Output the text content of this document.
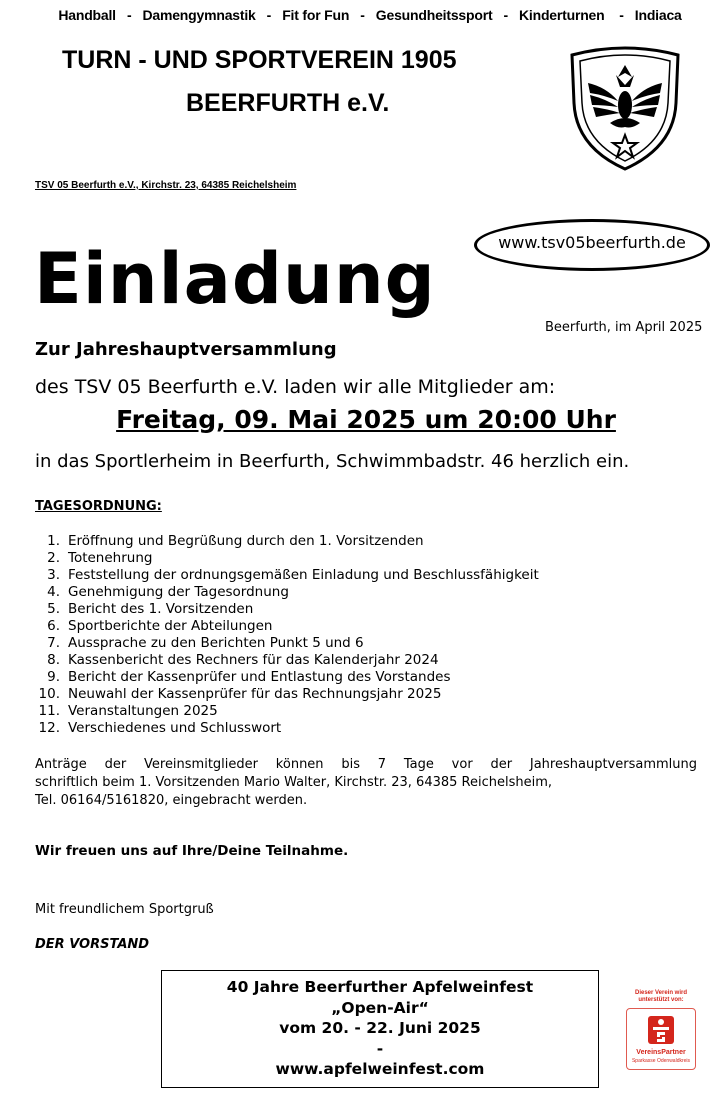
Handball   -   Damengymnastik   -   Fit for Fun   -   Gesundheitssport   -   Kinderturnen    -   Indiaca
TURN - UND SPORTVEREIN 1905
BEERFURTH e.V.
TSV 05 Beerfurth e.V., Kirchstr. 23, 64385 Reichelsheim
www.tsv05beerfurth.de
Einladung
Beerfurth, im April 2025
Zur Jahreshauptversammlung
des TSV 05 Beerfurth e.V. laden wir alle Mitglieder am:
Freitag, 09. Mai 2025 um 20:00 Uhr
in das Sportlerheim in Beerfurth, Schwimmbadstr. 46 herzlich ein.
TAGESORDNUNG:
1. Eröffnung und Begrüßung durch den 1. Vorsitzenden
2. Totenehrung
3. Feststellung der ordnungsgemäßen Einladung und Beschlussfähigkeit
4. Genehmigung der Tagesordnung
5. Bericht des 1. Vorsitzenden
6. Sportberichte der Abteilungen
7. Aussprache zu den Berichten Punkt 5 und 6
8. Kassenbericht des Rechners für das Kalenderjahr 2024
9. Bericht der Kassenprüfer und Entlastung des Vorstandes
10. Neuwahl der Kassenprüfer für das Rechnungsjahr 2025
11. Veranstaltungen 2025
12. Verschiedenes und Schlusswort
Anträge der Vereinsmitglieder können bis 7 Tage vor der Jahreshauptversammlung
schriftlich beim 1. Vorsitzenden Mario Walter, Kirchstr. 23, 64385 Reichelsheim,
Tel. 06164/5161820, eingebracht werden.
Wir freuen uns auf Ihre/Deine Teilnahme.
Mit freundlichem Sportgruß
DER VORSTAND
40 Jahre Beerfurther Apfelweinfest
„Open-Air“
vom 20. - 22. Juni 2025
-
www.apfelweinfest.com
Dieser Verein wird unterstützt von:
VereinsPartner
Sparkasse Odenwaldkreis
